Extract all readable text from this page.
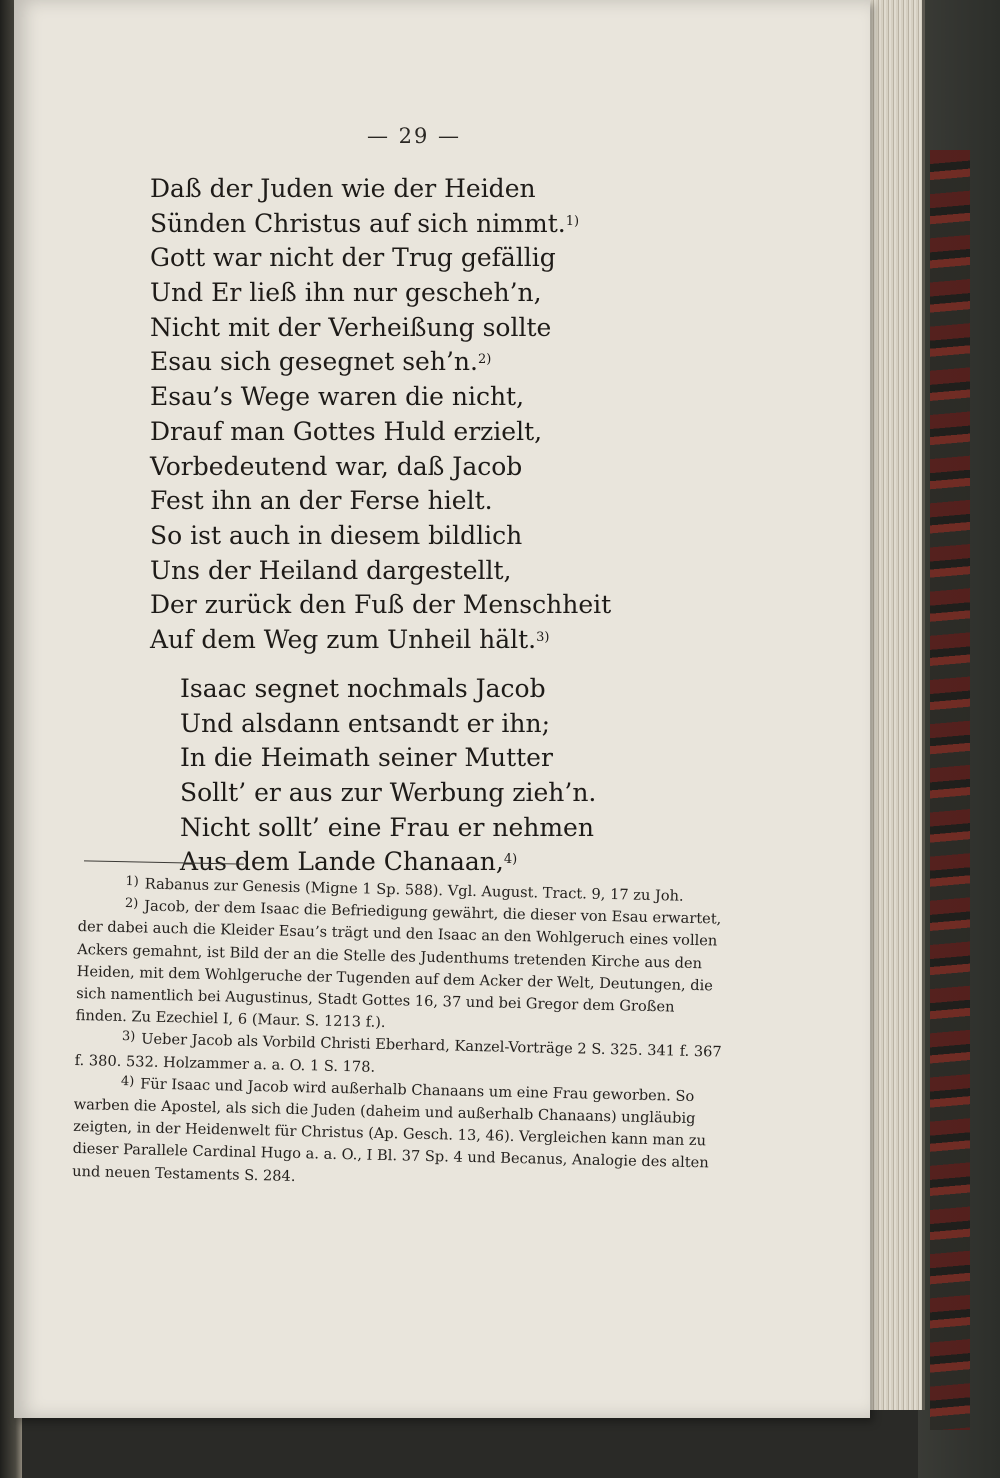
— 29 —
Daß der Juden wie der Heiden
Sünden Christus auf sich nimmt.$^{1)}$
Gott war nicht der Trug gefällig
Und Er ließ ihn nur gescheh’n,
Nicht mit der Verheißung sollte
Esau sich gesegnet seh’n.$^{2)}$
Esau’s Wege waren die nicht,
Drauf man Gottes Huld erzielt,
Vorbedeutend war, daß Jacob
Fest ihn an der Ferse hielt.
So ist auch in diesem bildlich
Uns der Heiland dargestellt,
Der zurück den Fuß der Menschheit
Auf dem Weg zum Unheil hält.$^{3)}$
Isaac segnet nochmals Jacob
Und alsdann entsandt er ihn;
In die Heimath seiner Mutter
Sollt’ er aus zur Werbung zieh’n.
Nicht sollt’ eine Frau er nehmen
Aus dem Lande Chanaan,$^{4)}$

$^{1)}$ Rabanus zur Genesis (Migne 1 Sp. 588). Vgl. August. Tract. 9, 17 zu Joh.

$^{2)}$ Jacob, der dem Isaac die Befriedigung gewährt, die dieser von Esau erwartet, der dabei auch die Kleider Esau’s trägt und den Isaac an den Wohlgeruch eines vollen Ackers gemahnt, ist Bild der an die Stelle des Judenthums tretenden Kirche aus den Heiden, mit dem Wohlgeruche der Tugenden auf dem Acker der Welt, Deutungen, die sich namentlich bei Augustinus, Stadt Gottes 16, 37 und bei Gregor dem Großen finden. Zu Ezechiel I, 6 (Maur. S. 1213 f.).

$^{3)}$ Ueber Jacob als Vorbild Christi Eberhard, Kanzel-Vorträge 2 S. 325. 341 f. 367 f. 380. 532. Holzammer a. a. O. 1 S. 178.

$^{4)}$ Für Isaac und Jacob wird außerhalb Chanaans um eine Frau geworben. So warben die Apostel, als sich die Juden (daheim und außerhalb Chanaans) ungläubig zeigten, in der Heidenwelt für Christus (Ap. Gesch. 13, 46). Vergleichen kann man zu dieser Parallele Cardinal Hugo a. a. O., I Bl. 37 Sp. 4 und Becanus, Analogie des alten und neuen Testaments S. 284.
